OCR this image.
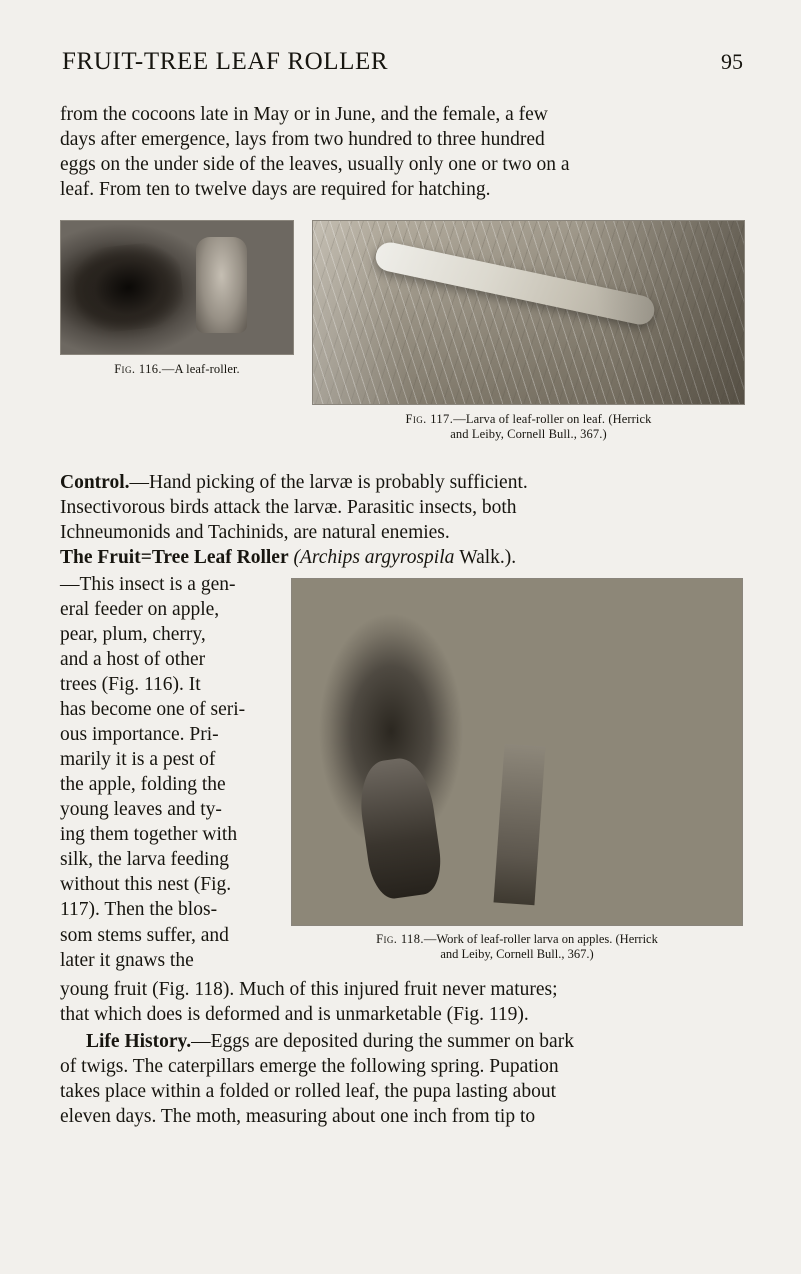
FRUIT-TREE LEAF ROLLER	95
from the cocoons late in May or in June, and the female, a few
days after emergence, lays from two hundred to three hundred
eggs on the under side of the leaves, usually only one or two on a
leaf. From ten to twelve days are required for hatching.
Fig. 116.—A leaf-roller.
Fig. 117.—Larva of leaf-roller on leaf. (Herrick
and Leiby, Cornell Bull., 367.)
Control.—Hand picking of the larvæ is probably sufficient.
Insectivorous birds attack the larvæ. Parasitic insects, both
Ichneumonids and Tachinids, are natural enemies.
The Fruit=Tree Leaf Roller (Archips argyrospila Walk.).
—This insect is a gen-
eral feeder on apple,
pear, plum, cherry,
and a host of other
trees (Fig. 116). It
has become one of seri-
ous importance. Pri-
marily it is a pest of
the apple, folding the
young leaves and ty-
ing them together with
silk, the larva feeding
without this nest (Fig.
117). Then the blos-
som stems suffer, and
later it gnaws the
Fig. 118.—Work of leaf-roller larva on apples. (Herrick
and Leiby, Cornell Bull., 367.)
young fruit (Fig. 118). Much of this injured fruit never matures;
that which does is deformed and is unmarketable (Fig. 119).
Life History.—Eggs are deposited during the summer on bark
of twigs. The caterpillars emerge the following spring. Pupation
takes place within a folded or rolled leaf, the pupa lasting about
eleven days. The moth, measuring about one inch from tip to
